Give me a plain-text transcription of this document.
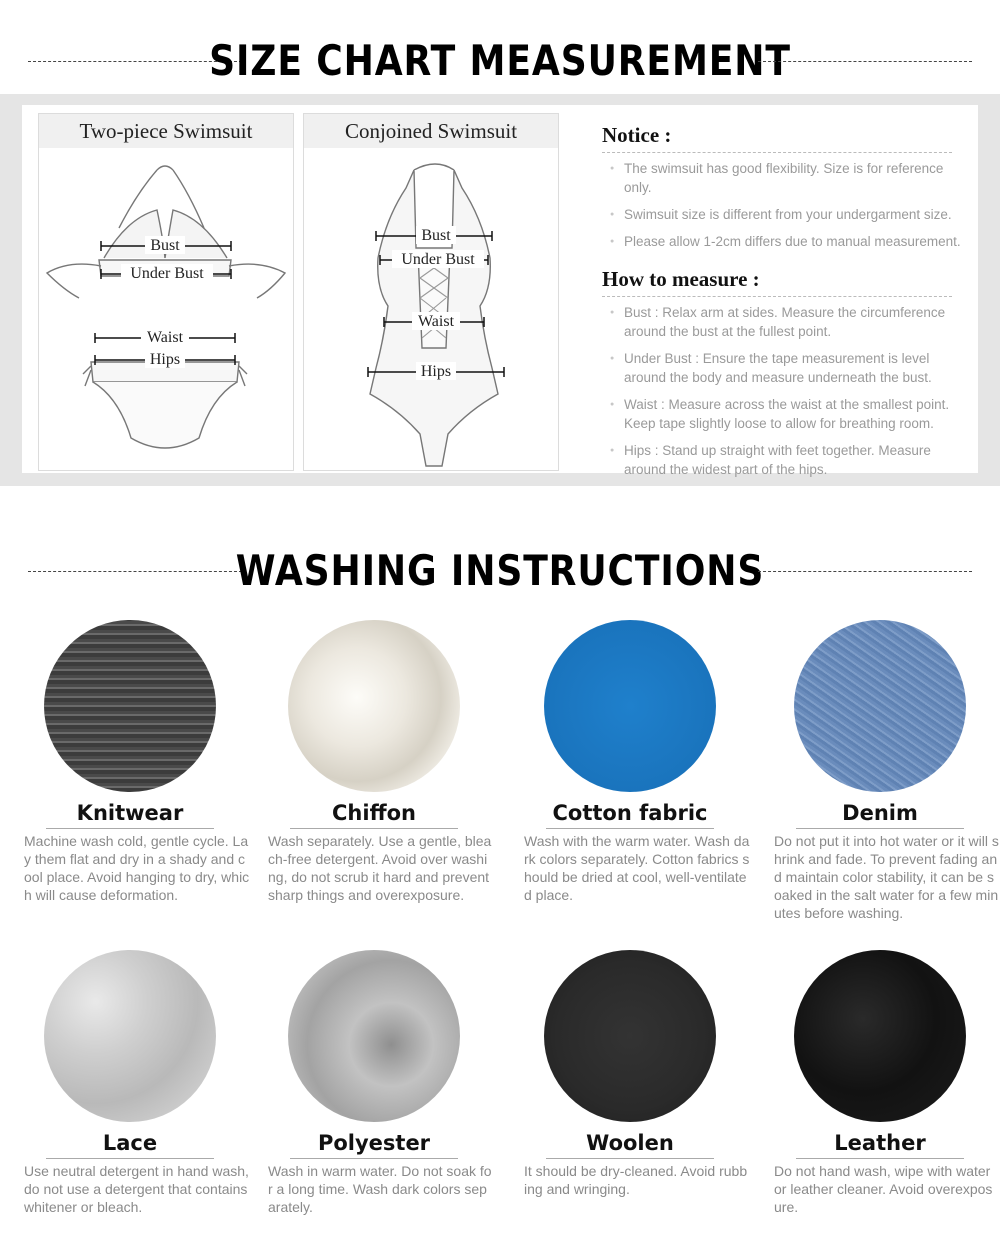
SIZE CHART MEASUREMENT
Two-piece Swimsuit
Bust
Under Bust
Waist
Hips
Conjoined Swimsuit
Bust
Under Bust
Waist
Hips
Notice :
● The swimsuit has good flexibility. Size is for reference only.
● Swimsuit size is different from your undergarment size.
● Please allow 1-2cm differs due to manual measurement.
How to measure :
● Bust : Relax arm at sides. Measure the circumference around the bust at the fullest point.
● Under Bust : Ensure the tape measurement is level around the body and measure underneath the bust.
● Waist : Measure across the waist at the smallest point. Keep tape slightly loose to allow for breathing room.
● Hips : Stand up straight with feet together. Measure around the widest part of the hips.
WASHING INSTRUCTIONS
Knitwear
Machine wash cold, gentle cycle. Lay them flat and dry in a shady and cool place. Avoid hanging to dry, which will cause deformation.
Chiffon
Wash separately. Use a gentle, bleach-free detergent. Avoid over washing, do not scrub it hard and prevent sharp things and overexposure.
Cotton fabric
Wash with the warm water. Wash dark colors separately. Cotton fabrics should be dried at cool, well-ventilated place.
Denim
Do not put it into hot water or it will shrink and fade. To prevent fading and maintain color stability, it can be soaked in the salt water for a few minutes before washing.
Lace
Use neutral detergent in hand wash, do not use a detergent that contains whitener or bleach.
Polyester
Wash in warm water. Do not soak for a long time. Wash dark colors separately.
Woolen
It should be dry-cleaned. Avoid rubbing and wringing.
Leather
Do not hand wash, wipe with water or leather cleaner. Avoid overexposure.
